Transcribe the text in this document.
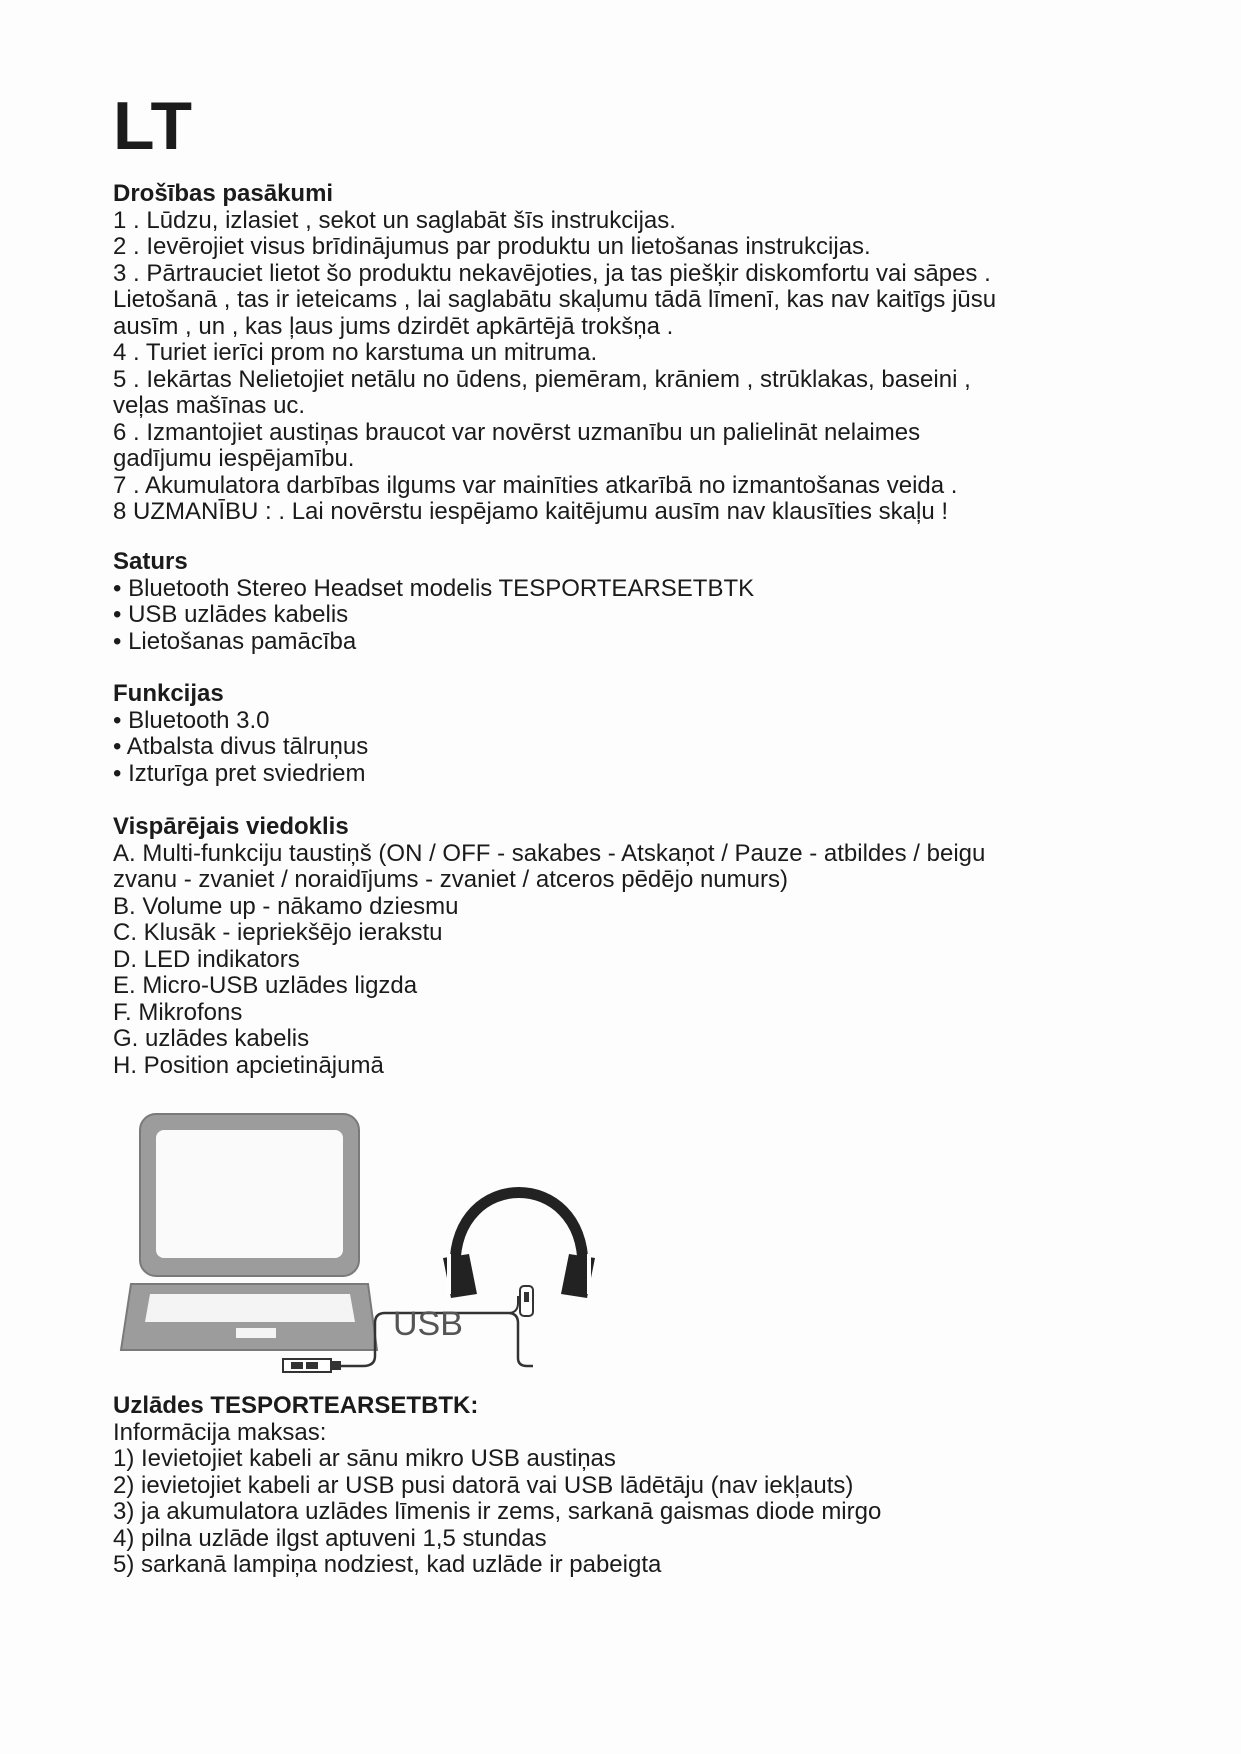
LT
Drošības pasākumi

1 . Lūdzu, izlasiet , sekot un saglabāt šīs instrukcijas.

2 . Ievērojiet visus brīdinājumus par produktu un lietošanas instrukcijas.

3 . Pārtrauciet lietot šo produktu nekavējoties, ja tas piešķir diskomfortu vai sāpes .

Lietošanā , tas ir ieteicams , lai saglabātu skaļumu tādā līmenī, kas nav kaitīgs jūsu

ausīm , un , kas ļaus jums dzirdēt apkārtējā trokšņa .

4 . Turiet ierīci prom no karstuma un mitruma.

5 . Iekārtas Nelietojiet netālu no ūdens, piemēram, krāniem , strūklakas, baseini ,

veļas mašīnas uc.

6 . Izmantojiet austiņas braucot var novērst uzmanību un palielināt nelaimes

gadījumu iespējamību.

7 . Akumulatora darbības ilgums var mainīties atkarībā no izmantošanas veida .

8 UZMANĪBU : . Lai novērstu iespējamo kaitējumu ausīm nav klausīties skaļu !

Saturs

• Bluetooth Stereo Headset modelis TESPORTEARSETBTK

• USB uzlādes kabelis

• Lietošanas pamācība

Funkcijas

• Bluetooth 3.0

• Atbalsta divus tālruņus

• Izturīga pret sviedriem

Vispārējais viedoklis

A. Multi-funkciju taustiņš (ON / OFF - sakabes - Atskaņot / Pauze - atbildes / beigu

zvanu - zvaniet / noraidījums - zvaniet / atceros pēdējo numurs)

B. Volume up - nākamo dziesmu

C. Klusāk - iepriekšējo ierakstu

D. LED indikators

E. Micro-USB uzlādes ligzda

F. Mikrofons

G. uzlādes kabelis

H. Position apcietinājumā

USB
Uzlādes TESPORTEARSETBTK:

Informācija maksas:

1) Ievietojiet kabeli ar sānu mikro USB austiņas

2) ievietojiet kabeli ar USB pusi datorā vai USB lādētāju (nav iekļauts)

3) ja akumulatora uzlādes līmenis ir zems, sarkanā gaismas diode mirgo

4) pilna uzlāde ilgst aptuveni 1,5 stundas

5) sarkanā lampiņa nodziest, kad uzlāde ir pabeigta
